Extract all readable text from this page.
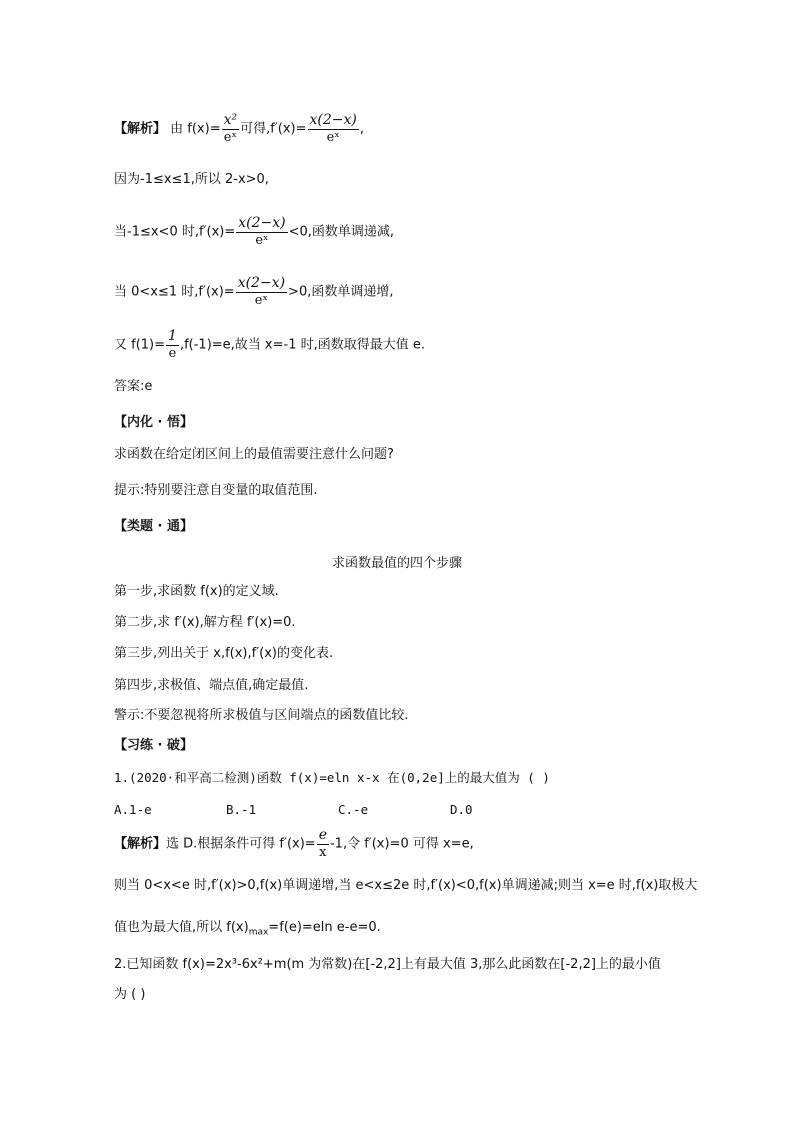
【解析】 由 $f(x)= \frac{\text{x²}}{\text{eˣ}}$ 可得$,f'(x)= \frac{x(2-x)}{\text{eˣ}}$ ,
因为-1≤x≤1,所以 2-x>0,
当-1≤x<0 时$,f'(x)= \frac{x(2-x)}{\text{eˣ}} <0$,函数单调递减,
当 0<x≤1 时$,f'(x)= \frac{x(2-x)}{\text{eˣ}} >0$,函数单调递增,
又 $f(1)= \frac{1}{e} ,f(-1)=e$,故当 x=-1 时,函数取得最大值 e.
答案:e
【内化 · 悟】
求函数在给定闭区间上的最值需要注意什么问题?
提示:特别要注意自变量的取值范围.
【类题 · 通】
求函数最值的四个步骤
第一步,求函数 f(x)的定义域.
第二步,求 f′(x),解方程 f′(x)=0.
第三步,列出关于 x,f(x),f′(x)的变化表.
第四步,求极值、端点值,确定最值.
警示:不要忽视将所求极值与区间端点的函数值比较.
【习练 · 破】
1.(2020·和平高二检测)函数 f(x)=eln x-x 在(0,2e]上的最大值为 ( )
A.1-e	B.-1	C.-e	D.0
【解析】选 D.根据条件可得 $f'(x)= \frac{e}{x} -1$,令 f′(x)=0 可得 x=e,
则当 0<x<e 时,f′(x)>0,f(x)单调递增,当 e<x≤2e 时,f′(x)<0,f(x)单调递减;则当 x=e 时,f(x)取极大
值也为最大值,所以 $f(x)_{max}=f(e)=eln$ e-e=0.
2.已知函数 f(x)=2x³-6x²+m(m 为常数)在[-2,2]上有最大值 3,那么此函数在[-2,2]上的最小值
为 ( )
